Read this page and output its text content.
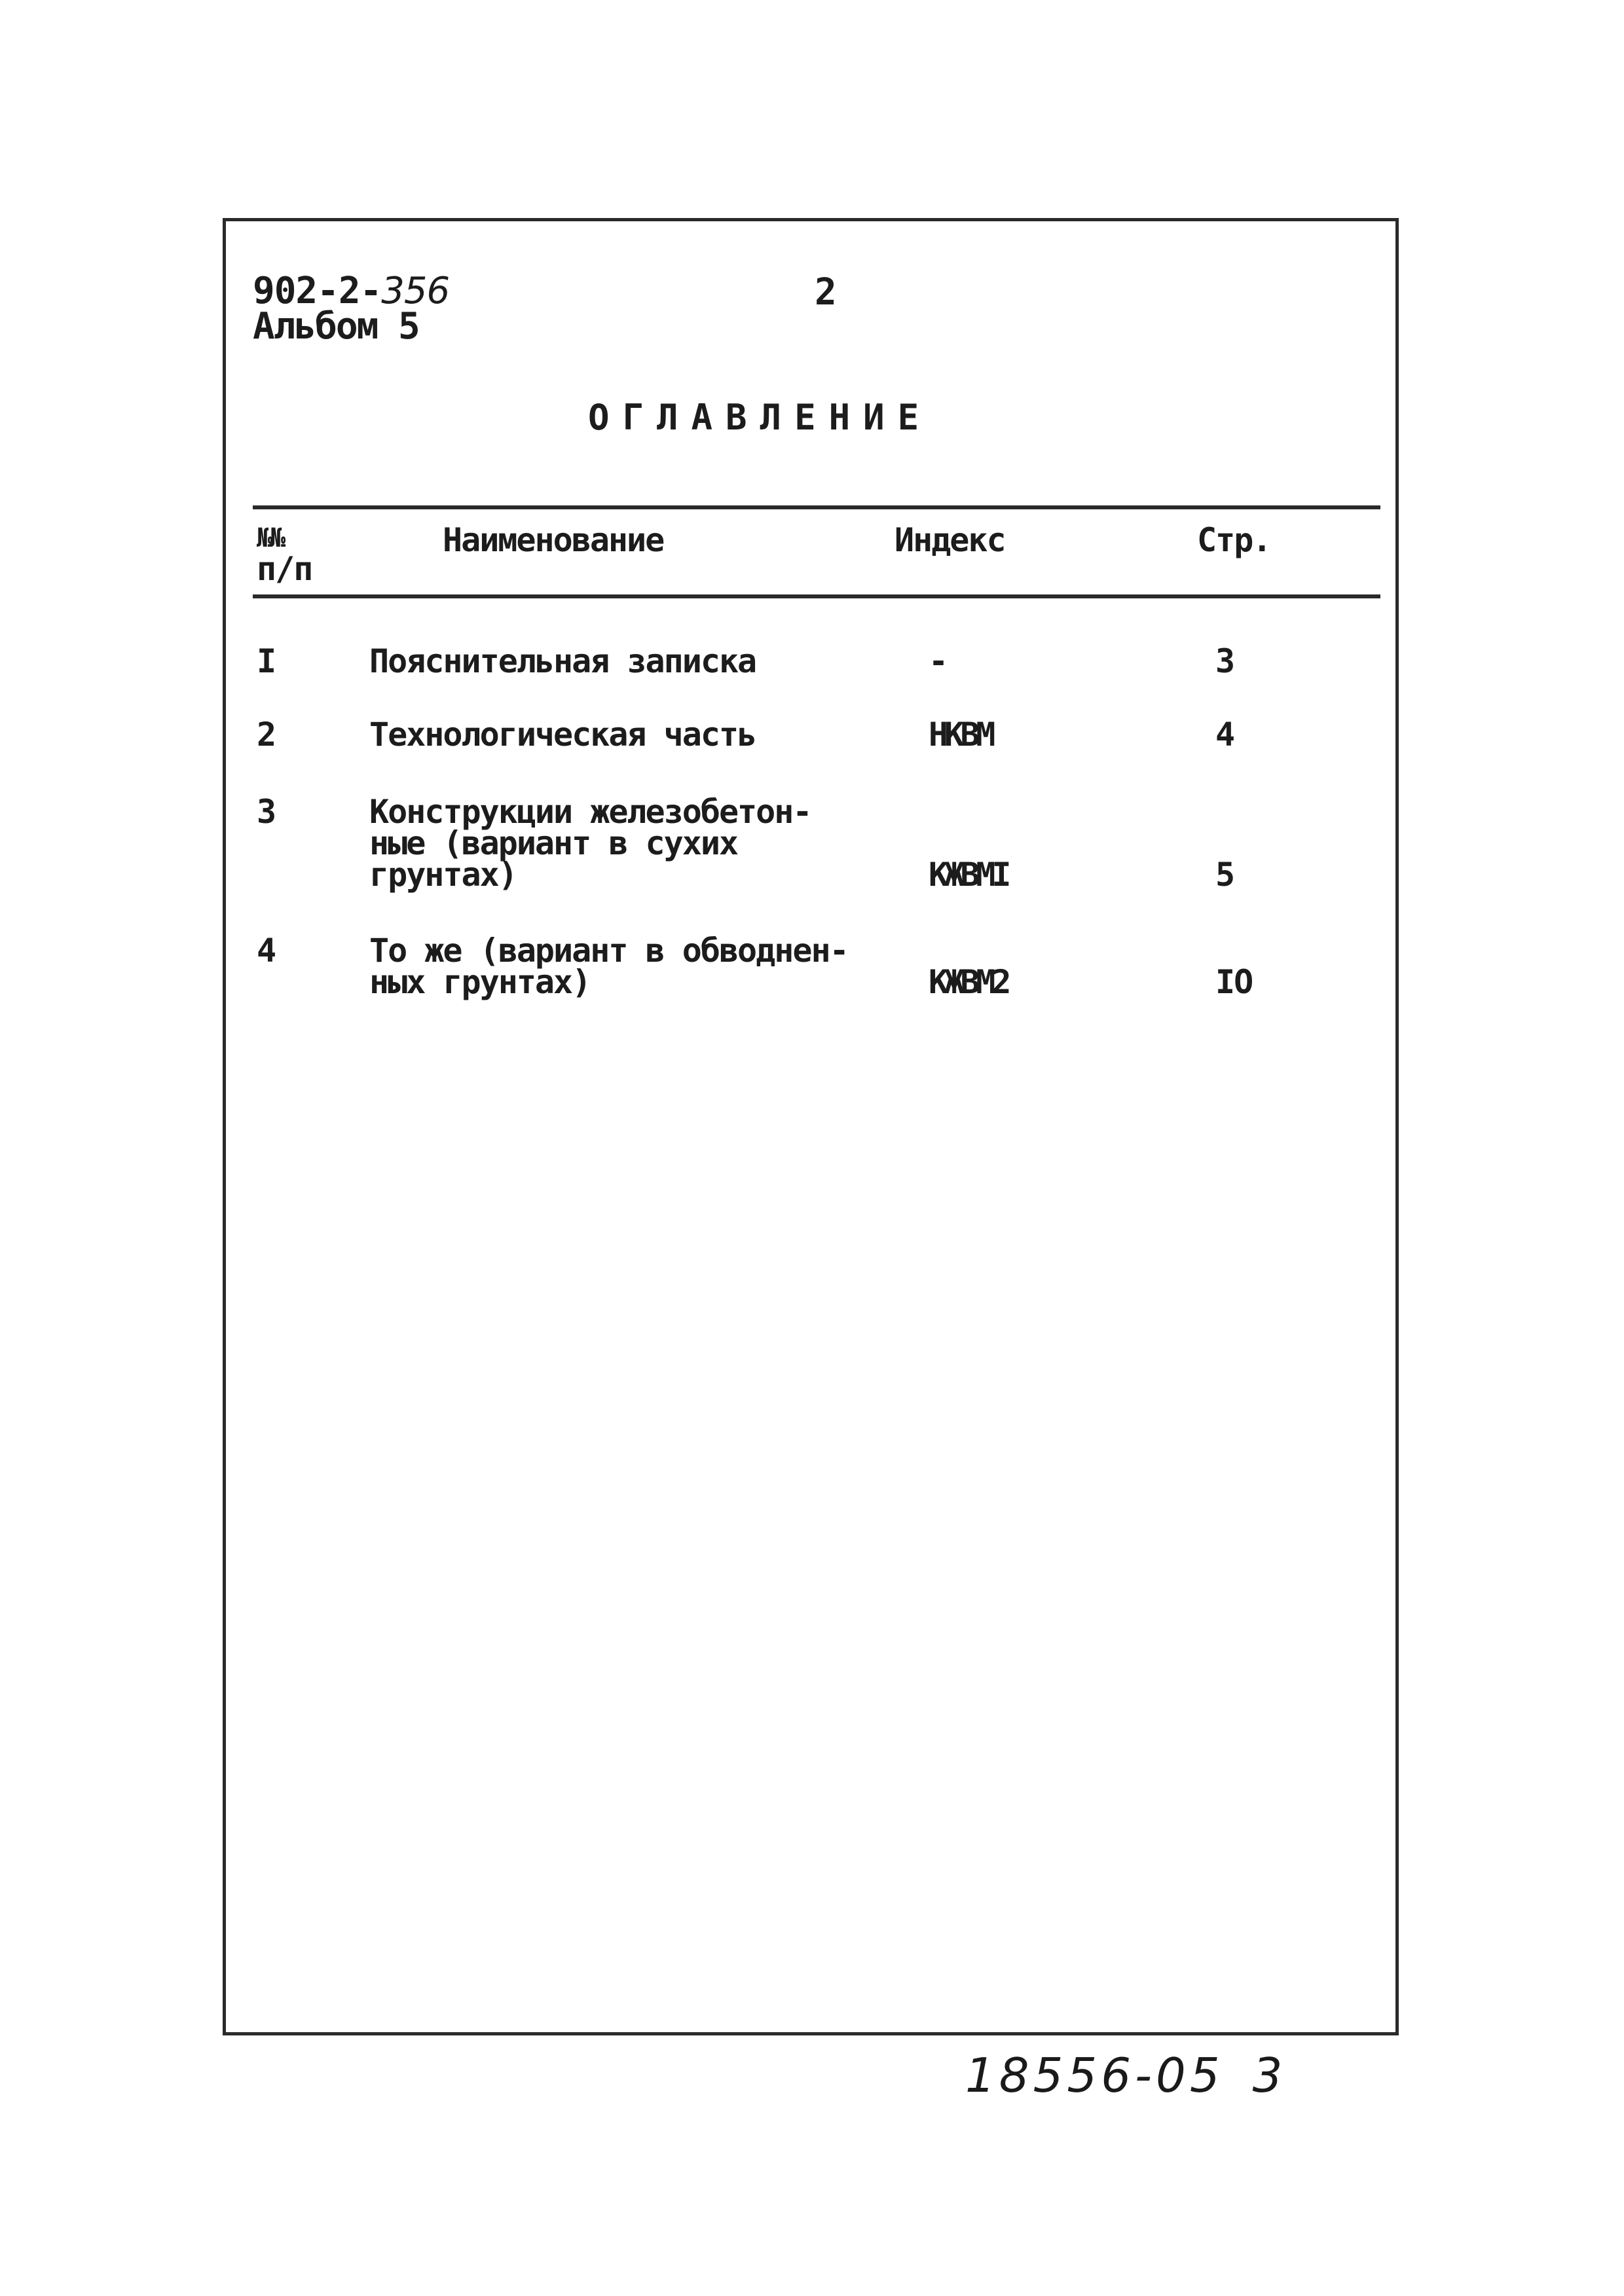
902-2-356
Альбом 5
2
ОГЛАВЛЕНИЕ
№№
п/п
Наименование	Индекс	Стр.
I	Пояснительная записка	-	3
2	Технологическая часть	НКВМ	4
3	Конструкции железобетон-
ные (вариант в сухих
грунтах)	КЖВМI	5
4	То же (вариант в обводнен-
ных грунтах)	КЖВМ2	IO
18556-05 3
